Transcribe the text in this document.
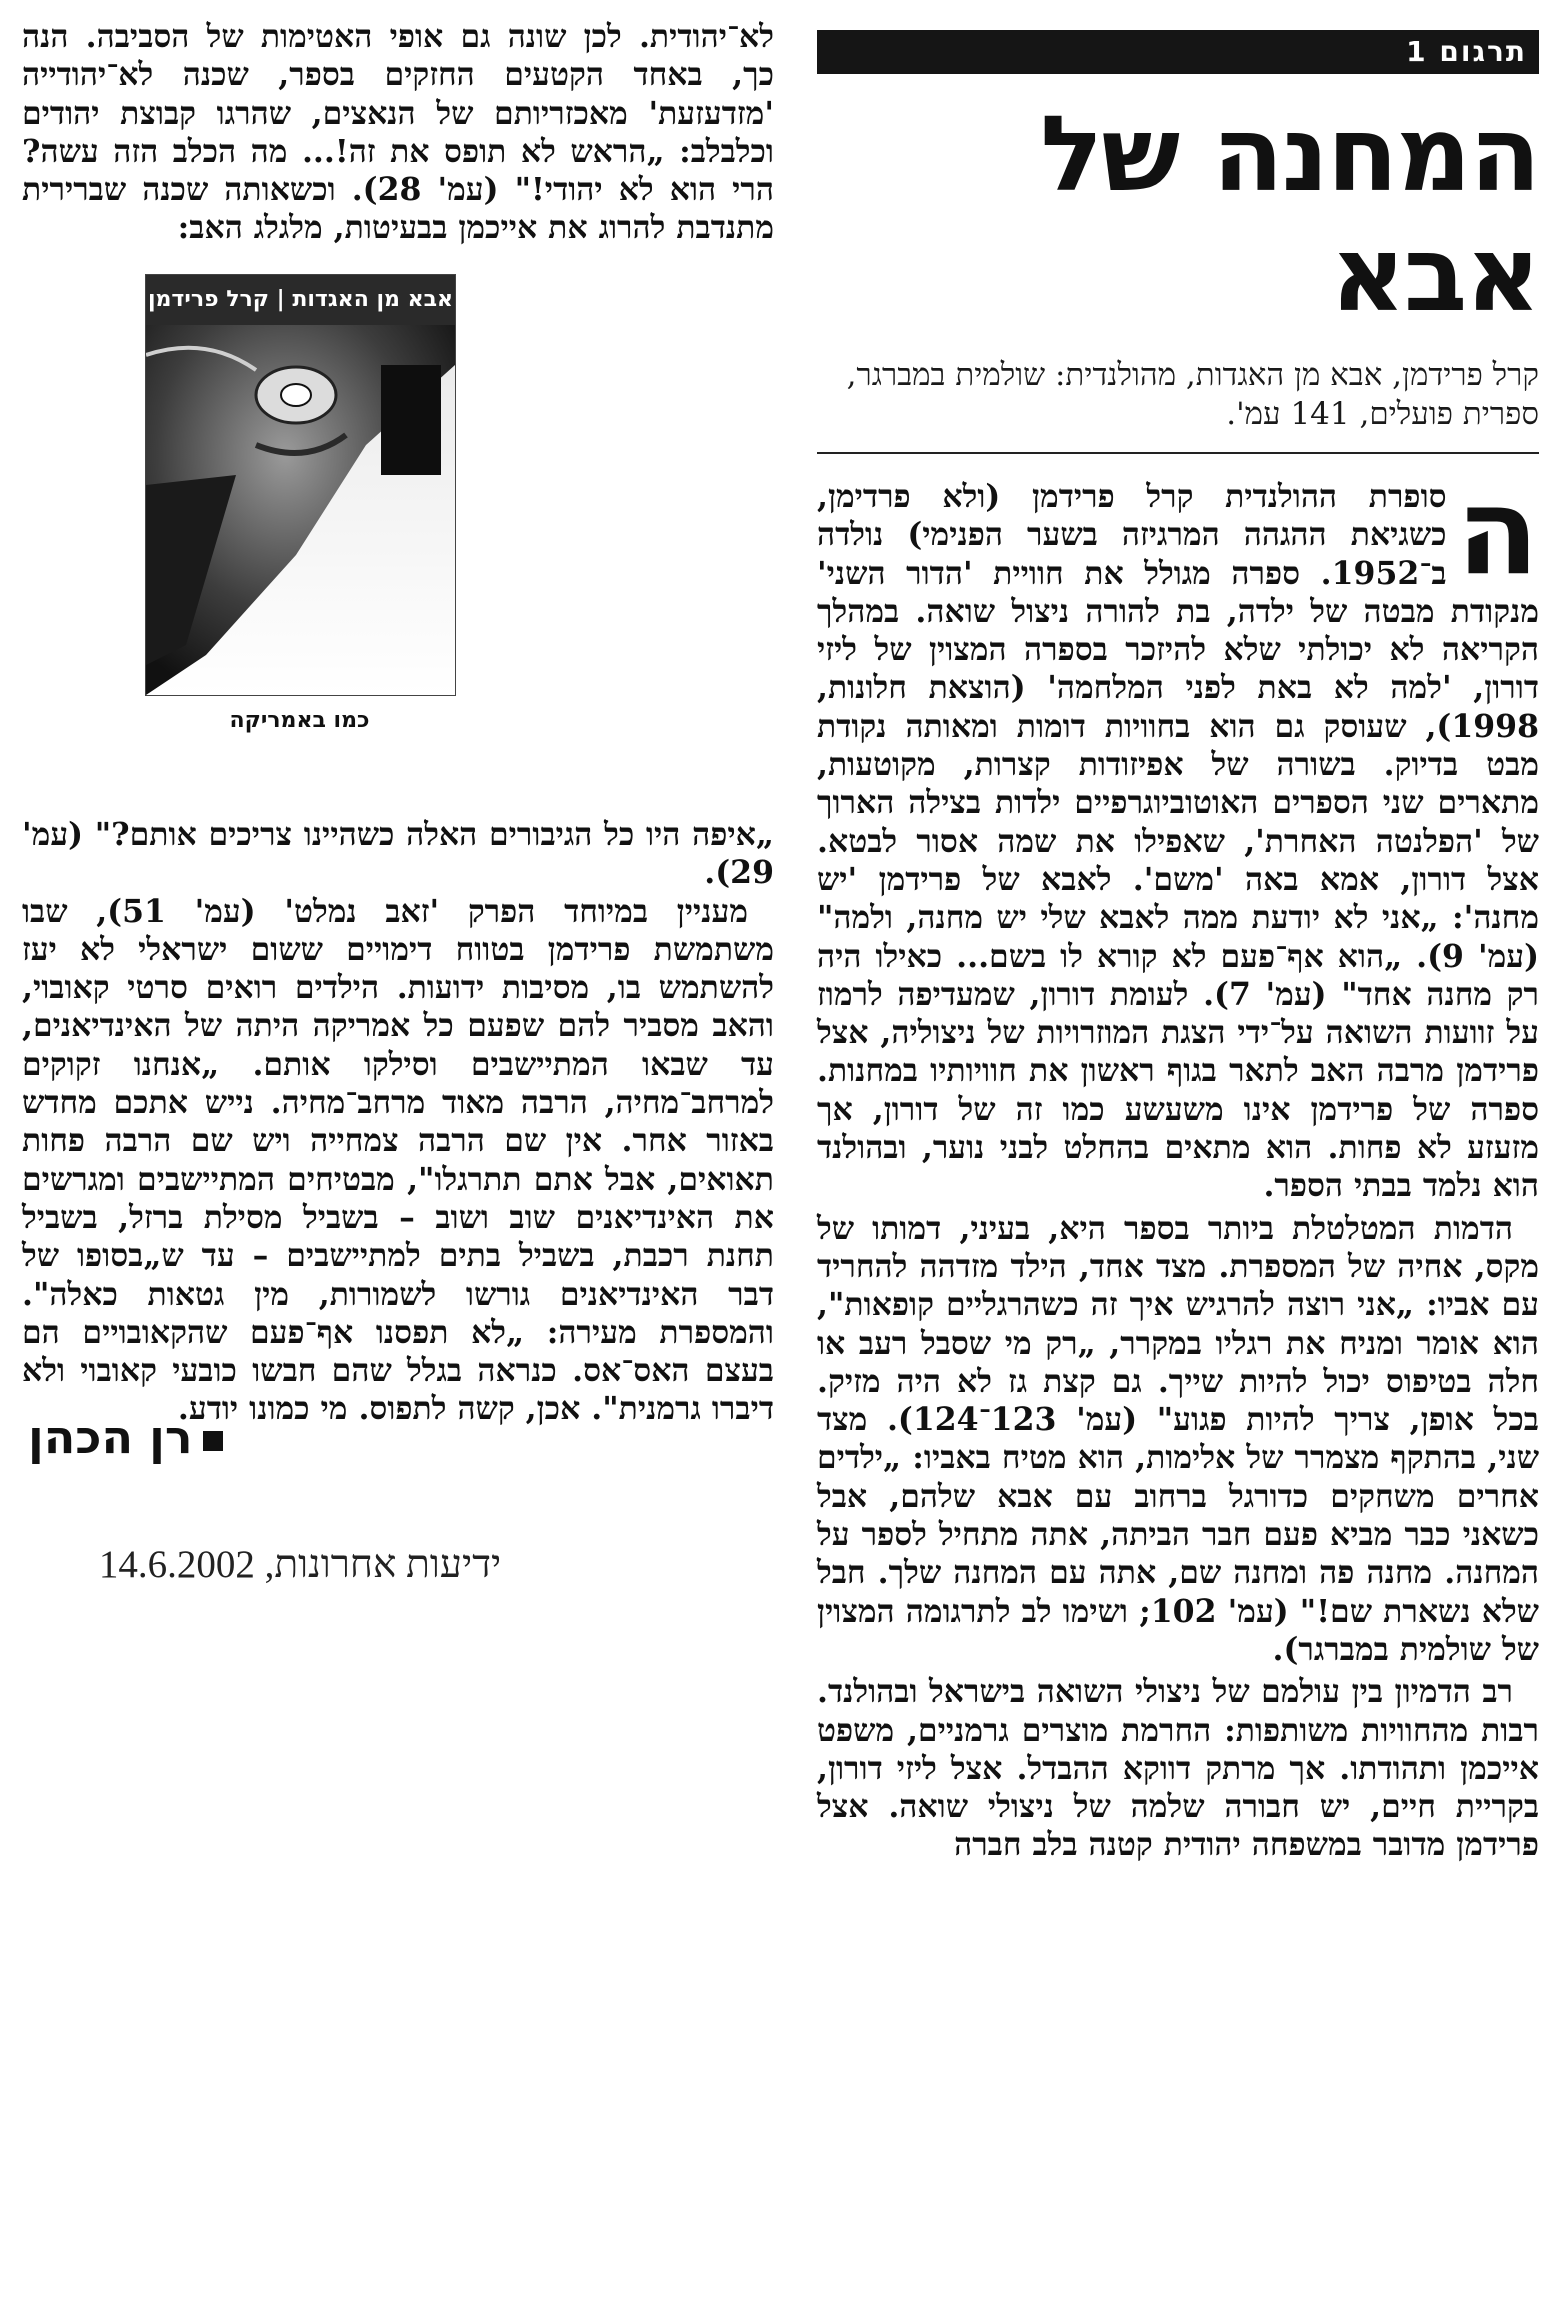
תרגום 1
המחנה של אבא
קרל פרידמן, אבא מן האגדות, מהולנדית: שולמית במברגר, ספרית פועלים, 141 עמ'.

ה
סופרת ההולנדית קרל פרידמן (ולא פרדימן, כשגיאת ההגהה המרגיזה בשער הפנימי) נולדה ב־1952. ספרה מגולל את חוויית 'הדור השני' מנקודת מבטה של ילדה, בת להורה ניצול שואה. במהלך הקריאה לא יכולתי שלא להיזכר בספרה המצוין של ליזי דורון, 'למה לא באת לפני המלחמה' (הוצאת חלונות, 1998), שעוסק גם הוא בחוויות דומות ומאותה נקודת מבט בדיוק. בשורה של אפיזודות קצרות, מקוטעות, מתארים שני הספרים האוטוביוגרפיים ילדות בצילה הארוך של 'הפלנטה האחרת', שאפילו את שמה אסור לבטא. אצל דורון, אמא באה 'משם'. לאבא של פרידמן 'יש מחנה': „אני לא יודעת ממה לאבא שלי יש מחנה, ולמה" (עמ' 9). „הוא אף־פעם לא קורא לו בשם... כאילו היה רק מחנה אחד" (עמ' 7). לעומת דורון, שמעדיפה לרמוז על זוועות השואה על־ידי הצגת המוזרויות של ניצוליה, אצל פרידמן מרבה האב לתאר בגוף ראשון את חוויותיו במחנות. ספרה של פרידמן אינו משעשע כמו זה של דורון, אך מזעזע לא פחות. הוא מתאים בהחלט לבני נוער, ובהולנד הוא נלמד בבתי הספר.

הדמות המטלטלת ביותר בספר היא, בעיני, דמותו של מקס, אחיה של המספרת. מצד אחד, הילד מזדהה להחריד עם אביו: „אני רוצה להרגיש איך זה כשהרגליים קופאות", הוא אומר ומניח את רגליו במקרר, „רק מי שסבל רעב או חלה בטיפוס יכול להיות שייך. גם קצת גז לא היה מזיק. בכל אופן, צריך להיות פגוע" (עמ' 123־124). מצד שני, בהתקף מצמרר של אלימות, הוא מטיח באביו: „ילדים אחרים משחקים כדורגל ברחוב עם אבא שלהם, אבל כשאני כבר מביא פעם חבר הביתה, אתה מתחיל לספר על המחנה. מחנה פה ומחנה שם, אתה עם המחנה שלך. חבל שלא נשארת שם!" (עמ' 102; ושימו לב לתרגומה המצוין של שולמית במברגר).

רב הדמיון בין עולמם של ניצולי השואה בישראל ובהולנד. רבות מהחוויות משותפות: החרמת מוצרים גרמניים, משפט אייכמן ותהודתו. אך מרתק דווקא ההבדל. אצל ליזי דורון, בקריית חיים, יש חבורה שלמה של ניצולי שואה. אצל פרידמן מדובר במשפחה יהודית קטנה בלב חברה

לא־יהודית. לכן שונה גם אופי האטימות של הסביבה. הנה כך, באחד הקטעים החזקים בספר, שכנה לא־יהודייה 'מזדעזעת' מאכזריותם של הנאצים, שהרגו קבוצת יהודים וכלבלב: „הראש לא תופס את זה!... מה הכלב הזה עשה? הרי הוא לא יהודי!" (עמ' 28). וכשאותה שכנה שברירית מתנדבת להרוג את אייכמן בבעיטות, מלגלג האב:

אבא מן האגדות | קרל פרידמן
כמו באמריקה

„איפה היו כל הגיבורים האלה כשהיינו צריכים אותם?" (עמ' 29).

מעניין במיוחד הפרק 'זאב נמלט' (עמ' 51), שבו משתמשת פרידמן בטווח דימויים ששום ישראלי לא יעז להשתמש בו, מסיבות ידועות. הילדים רואים סרטי קאובוי, והאב מסביר להם שפעם כל אמריקה היתה של האינדיאנים, עד שבאו המתיישבים וסילקו אותם. „אנחנו זקוקים למרחב־מחיה, הרבה מאוד מרחב־מחיה. נייש אתכם מחדש באזור אחר. אין שם הרבה צמחייה ויש שם הרבה פחות תאואים, אבל אתם תתרגלו", מבטיחים המתיישבים ומגרשים את האינדיאנים שוב ושוב – בשביל מסילת ברזל, בשביל תחנת רכבת, בשביל בתים למתיישבים – עד ש„בסופו של דבר האינדיאנים גורשו לשמורות, מין גטאות כאלה". והמספרת מעירה: „לא תפסנו אף־פעם שהקאובויים הם בעצם האס־אס. כנראה בגלל שהם חבשו כובעי קאובוי ולא דיברו גרמנית". אכן, קשה לתפוס. מי כמונו יודע.

רן הכהן
ידיעות אחרונות, 14.6.2002
